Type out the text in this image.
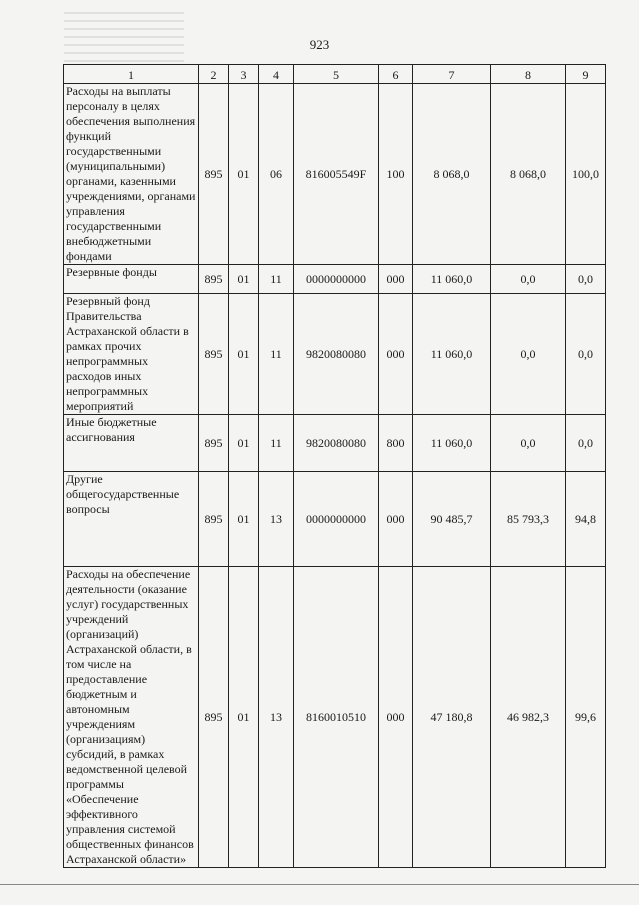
923
1	2	3	4	5	6	7	8	9
Расходы на выплаты персоналу в целях обеспечения выполнения функций государственными (муниципальными) органами, казенными учреждениями, органами управления государственными внебюджетными фондами	895	01	06	816005549F	100	8 068,0	8 068,0	100,0
Резервные фонды	895	01	11	0000000000	000	11 060,0	0,0	0,0
Резервный фонд Правительства Астраханской области в рамках прочих непрограммных расходов иных непрограммных мероприятий	895	01	11	9820080080	000	11 060,0	0,0	0,0
Иные бюджетные ассигнования	895	01	11	9820080080	800	11 060,0	0,0	0,0
Другие общегосударственные вопросы	895	01	13	0000000000	000	90 485,7	85 793,3	94,8
Расходы на обеспечение деятельности (оказание услуг) государственных учреждений (организаций) Астраханской области, в том числе на предоставление бюджетным и автономным учреждениям (организациям) субсидий, в рамках ведомственной целевой программы «Обеспечение эффективного управления системой общественных финансов Астраханской области»	895	01	13	8160010510	000	47 180,8	46 982,3	99,6
